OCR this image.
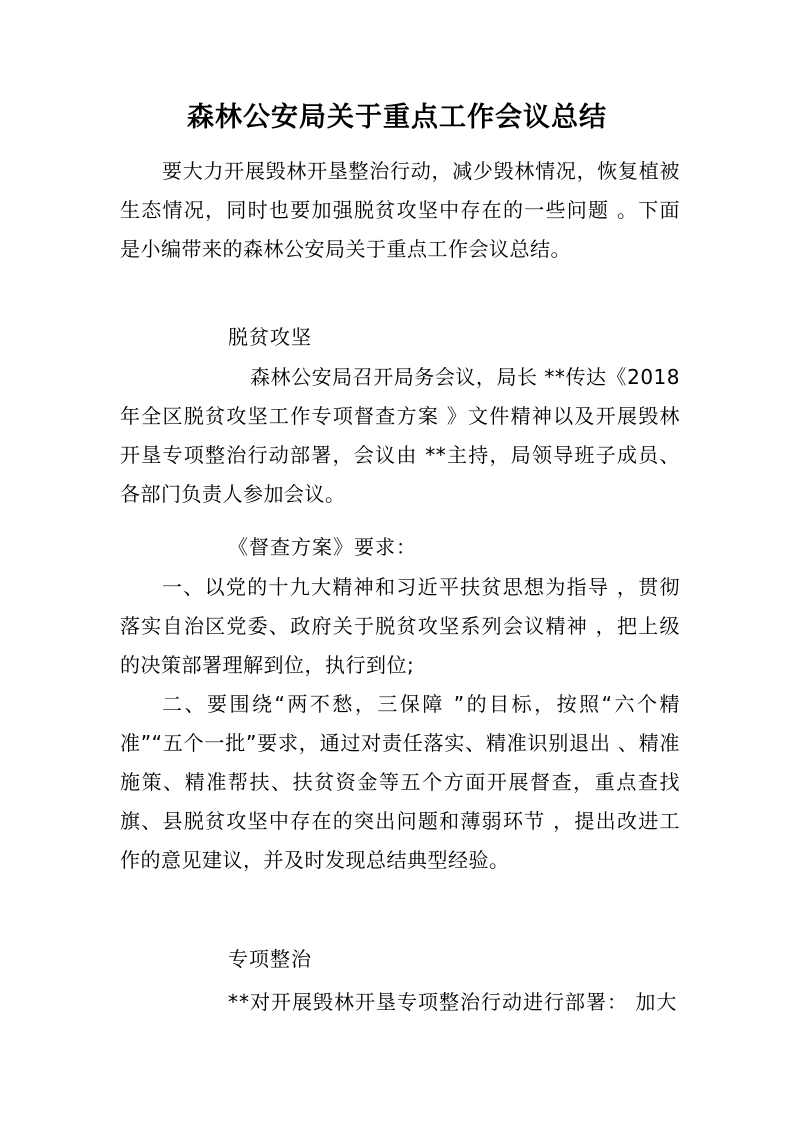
森林公安局关于重点工作会议总结
要大力开展毁林开垦整治行动，减少毁林情况，恢复植被生态情况，同时也要加强脱贫攻坚中存在的一些问题 。下面是小编带来的森林公安局关于重点工作会议总结。
脱贫攻坚
森林公安局召开局务会议，局长 **传达《2018年全区脱贫攻坚工作专项督查方案 》文件精神以及开展毁林开垦专项整治行动部署，会议由 **主持，局领导班子成员、各部门负责人参加会议。
《督查方案》要求：
一、以党的十九大精神和习近平扶贫思想为指导 ，贯彻落实自治区党委、政府关于脱贫攻坚系列会议精神 ，把上级的决策部署理解到位，执行到位;
二、要围绕“两不愁，三保障 ”的目标，按照“六个精准”“五个一批”要求，通过对责任落实、精准识别退出 、精准施策、精准帮扶、扶贫资金等五个方面开展督查，重点查找旗、县脱贫攻坚中存在的突出问题和薄弱环节 ，提出改进工作的意见建议，并及时发现总结典型经验。
专项整治
**对开展毁林开垦专项整治行动进行部署： 加大
